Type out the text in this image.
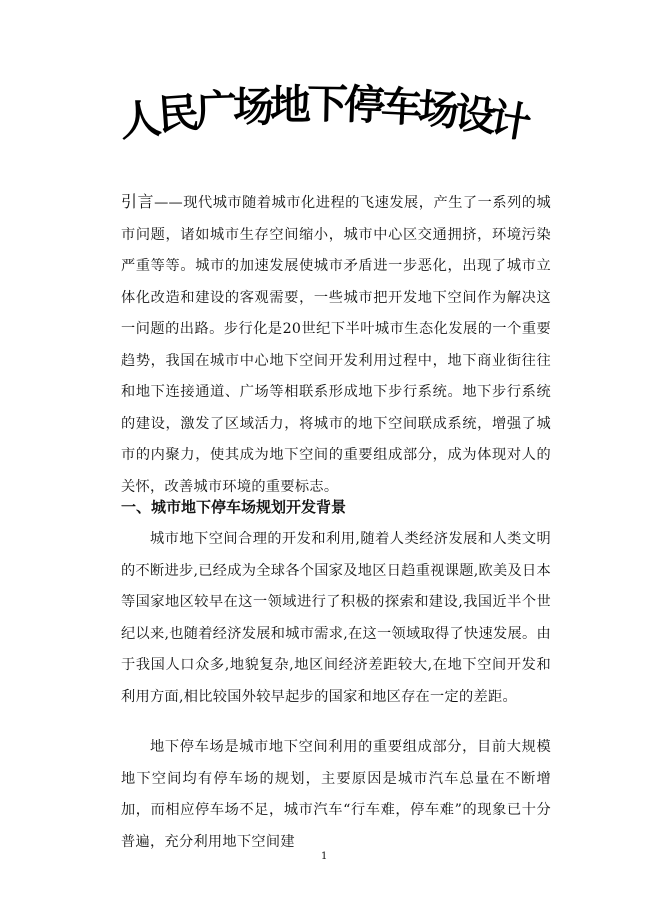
人
民
广
场
地
下
停
车
场
设
计
引言——现代城市随着城市化进程的飞速发展，产生了一系列的城市问题，诸如城市生存空间缩小，城市中心区交通拥挤，环境污染严重等等。城市的加速发展使城市矛盾进一步恶化，出现了城市立体化改造和建设的客观需要，一些城市把开发地下空间作为解决这一问题的出路。步行化是20世纪下半叶城市生态化发展的一个重要趋势，我国在城市中心地下空间开发利用过程中，地下商业街往往和地下连接通道、广场等相联系形成地下步行系统。地下步行系统的建设，激发了区域活力，将城市的地下空间联成系统，增强了城市的内聚力，使其成为地下空间的重要组成部分，成为体现对人的关怀，改善城市环境的重要标志。
一、城市地下停车场规划开发背景
城市地下空间合理的开发和利用,随着人类经济发展和人类文明的不断进步,已经成为全球各个国家及地区日趋重视课题,欧美及日本等国家地区较早在这一领域进行了积极的探索和建设,我国近半个世纪以来,也随着经济发展和城市需求,在这一领域取得了快速发展。由于我国人口众多,地貌复杂,地区间经济差距较大,在地下空间开发和利用方面,相比较国外较早起步的国家和地区存在一定的差距。
地下停车场是城市地下空间利用的重要组成部分，目前大规模地下空间均有停车场的规划，主要原因是城市汽车总量在不断增加，而相应停车场不足，城市汽车“行车难，停车难”的现象已十分普遍，充分利用地下空间建
1
